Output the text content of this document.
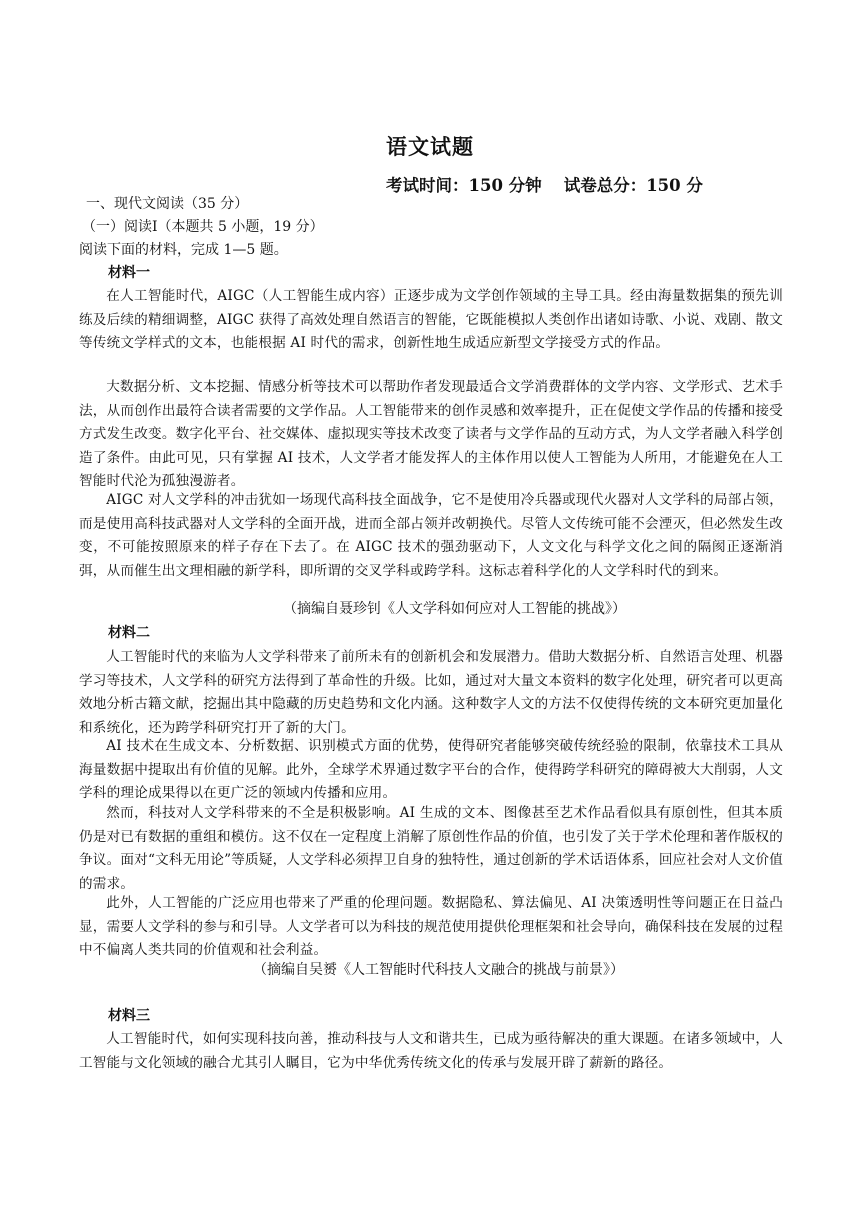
语文试题
考试时间：150 分钟 试卷总分：150 分
一、现代文阅读（35 分）
（一）阅读Ⅰ（本题共 5 小题，19 分）
阅读下面的材料，完成 1—5 题。
材料一
在人工智能时代，AIGC（人工智能生成内容）正逐步成为文学创作领域的主导工具。经由海量数据集的预先训练及后续的精细调整，AIGC 获得了高效处理自然语言的智能，它既能模拟人类创作出诸如诗歌、小说、戏剧、散文等传统文学样式的文本，也能根据 AI 时代的需求，创新性地生成适应新型文学接受方式的作品。
大数据分析、文本挖掘、情感分析等技术可以帮助作者发现最适合文学消费群体的文学内容、文学形式、艺术手法，从而创作出最符合读者需要的文学作品。人工智能带来的创作灵感和效率提升，正在促使文学作品的传播和接受方式发生改变。数字化平台、社交媒体、虚拟现实等技术改变了读者与文学作品的互动方式，为人文学者融入科学创造了条件。由此可见，只有掌握 AI 技术，人文学者才能发挥人的主体作用以使人工智能为人所用，才能避免在人工智能时代沦为孤独漫游者。
AIGC 对人文学科的冲击犹如一场现代高科技全面战争，它不是使用冷兵器或现代火器对人文学科的局部占领，而是使用高科技武器对人文学科的全面开战，进而全部占领并改朝换代。尽管人文传统可能不会湮灭，但必然发生改变，不可能按照原来的样子存在下去了。在 AIGC 技术的强劲驱动下，人文文化与科学文化之间的隔阂正逐渐消弭，从而催生出文理相融的新学科，即所谓的交叉学科或跨学科。这标志着科学化的人文学科时代的到来。
（摘编自聂珍钊《人文学科如何应对人工智能的挑战》）
材料二
人工智能时代的来临为人文学科带来了前所未有的创新机会和发展潜力。借助大数据分析、自然语言处理、机器学习等技术，人文学科的研究方法得到了革命性的升级。比如，通过对大量文本资料的数字化处理，研究者可以更高效地分析古籍文献，挖掘出其中隐藏的历史趋势和文化内涵。这种数字人文的方法不仅使得传统的文本研究更加量化和系统化，还为跨学科研究打开了新的大门。
AI 技术在生成文本、分析数据、识别模式方面的优势，使得研究者能够突破传统经验的限制，依靠技术工具从海量数据中提取出有价值的见解。此外，全球学术界通过数字平台的合作，使得跨学科研究的障碍被大大削弱，人文学科的理论成果得以在更广泛的领域内传播和应用。
然而，科技对人文学科带来的不全是积极影响。AI 生成的文本、图像甚至艺术作品看似具有原创性，但其本质仍是对已有数据的重组和模仿。这不仅在一定程度上消解了原创性作品的价值，也引发了关于学术伦理和著作版权的争议。面对“文科无用论”等质疑，人文学科必须捍卫自身的独特性，通过创新的学术话语体系，回应社会对人文价值的需求。
此外，人工智能的广泛应用也带来了严重的伦理问题。数据隐私、算法偏见、AI 决策透明性等问题正在日益凸显，需要人文学科的参与和引导。人文学者可以为科技的规范使用提供伦理框架和社会导向，确保科技在发展的过程中不偏离人类共同的价值观和社会利益。
（摘编自吴赟《人工智能时代科技人文融合的挑战与前景》）
材料三
人工智能时代，如何实现科技向善，推动科技与人文和谐共生，已成为亟待解决的重大课题。在诸多领域中，人工智能与文化领域的融合尤其引人瞩目，它为中华优秀传统文化的传承与发展开辟了薪新的路径。
